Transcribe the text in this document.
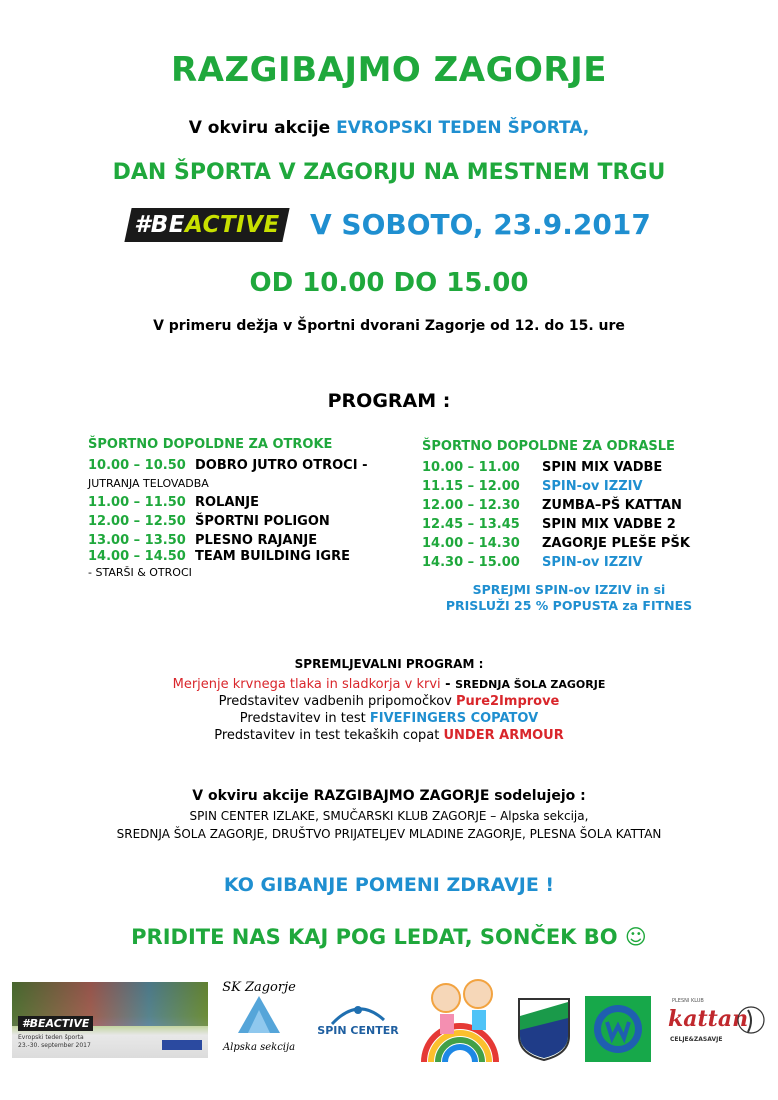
RAZGIBAJMO ZAGORJE
V okviru akcije EVROPSKI TEDEN ŠPORTA,
DAN ŠPORTA V ZAGORJU NA MESTNEM TRGU
#BEACTIVE V SOBOTO, 23.9.2017
OD 10.00 DO 15.00
V primeru dežja v Športni dvorani Zagorje od 12. do 15. ure
PROGRAM :
ŠPORTNO DOPOLDNE ZA OTROKE
10.00 – 10.50 DOBRO JUTRO OTROCI -
JUTRANJA TELOVADBA
11.00 – 11.50 ROLANJE
12.00 – 12.50 ŠPORTNI POLIGON
13.00 – 13.50 PLESNO RAJANJE
14.00 – 14.50 TEAM BUILDING IGRE
- STARŠI & OTROCI
ŠPORTNO DOPOLDNE ZA ODRASLE
10.00 – 11.00 SPIN MIX VADBE
11.15 – 12.00 SPIN-ov IZZIV
12.00 – 12.30 ZUMBA–PŠ KATTAN
12.45 – 13.45 SPIN MIX VADBE 2
14.00 – 14.30 ZAGORJE PLEŠE PŠK
14.30 – 15.00 SPIN-ov IZZIV
SPREJMI SPIN-ov IZZIV in si
PRISLUŽI 25 % POPUSTA za FITNES
SPREMLJEVALNI PROGRAM :
Merjenje krvnega tlaka in sladkorja v krvi - SREDNJA ŠOLA ZAGORJE
Predstavitev vadbenih pripomočkov Pure2Improve
Predstavitev in test FIVEFINGERS COPATOV
Predstavitev in test tekaških copat UNDER ARMOUR
V okviru akcije RAZGIBAJMO ZAGORJE sodelujejo :
SPIN CENTER IZLAKE, SMUČARSKI KLUB ZAGORJE – Alpska sekcija,
SREDNJA ŠOLA ZAGORJE, DRUŠTVO PRIJATELJEV MLADINE ZAGORJE, PLESNA ŠOLA KATTAN
KO GIBANJE POMENI ZDRAVJE !
PRIDITE NAS KAJ POG LEDAT, SONČEK BO ☺
#BEACTIVE
Evropski teden športa
23.-30. september 2017
SK Zagorje
Alpska sekcija
SPIN CENTER
PLESNI KLUB
kattan
CELJE&ZASAVJE
